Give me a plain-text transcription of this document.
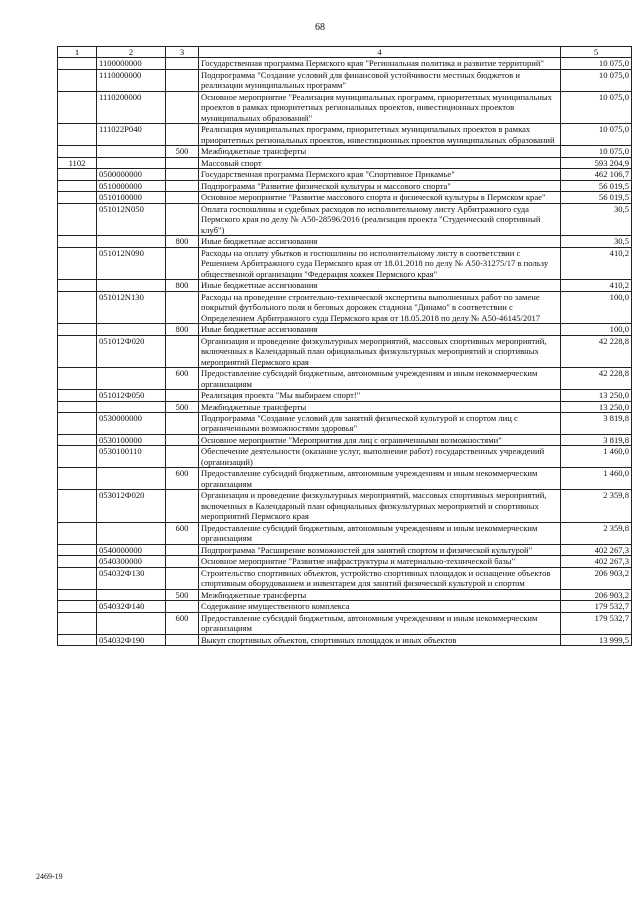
68
1	2	3	4	5
	1100000000		Государственная программа Пермского края "Региональная политика и развитие территорий"	10 075,0
	1110000000		Подпрограмма "Создание условий для финансовой устойчивости местных бюджетов и реализации муниципальных программ"	10 075,0
	1110200000		Основное мероприятие "Реализация муниципальных программ, приоритетных муниципальных проектов в рамках приоритетных региональных проектов, инвестиционных проектов муниципальных образований"	10 075,0
	111022P040		Реализация муниципальных программ, приоритетных муниципальных проектов в рамках приоритетных региональных проектов, инвестиционных проектов муниципальных образований	10 075,0
		500	Межбюджетные трансферты	10 075,0
1102			Массовый спорт	593 204,9
	0500000000		Государственная программа Пермского края "Спортивное Прикамье"	462 106,7
	0510000000		Подпрограмма "Развитие физической культуры и массового спорта"	56 019,5
	0510100000		Основное мероприятие "Развитие массового спорта и физической культуры в Пермском крае"	56 019,5
	051012N050		Оплата госпошлины и судебных расходов по исполнительному листу Арбитражного суда Пермского края по делу № А50-28596/2016 (реализация проекта "Студенческий спортивный клуб")	30,5
		800	Иные бюджетные ассигнования	30,5
	051012N090		Расходы на оплату убытков и госпошлины по исполнительному листу в соответствии с Решением Арбитражного суда Пермского края от 18.01.2018 по делу № А50-31275/17 в пользу общественной организации "Федерация хоккея Пермского края"	410,2
		800	Иные бюджетные ассигнования	410,2
	051012N130		Расходы на проведение строительно-технической экспертизы выполненных работ по замене покрытий футбольного поля и беговых дорожек стадиона "Динамо" в соответствии с Определением Арбитражного суда Пермского края от 18.05.2018 по делу № А50-46145/2017	100,0
		800	Иные бюджетные ассигнования	100,0
	051012Ф020		Организация и проведение физкультурных мероприятий, массовых спортивных мероприятий, включенных в Календарный план официальных физкультурных мероприятий и спортивных мероприятий Пермского края	42 228,8
		600	Предоставление субсидий бюджетным, автономным учреждениям и иным некоммерческим организациям	42 228,8
	051012Ф050		Реализация проекта "Мы выбираем спорт!"	13 250,0
		500	Межбюджетные трансферты	13 250,0
	0530000000		Подпрограмма "Создание условий для занятий физической культурой и спортом лиц с ограниченными возможностями здоровья"	3 819,8
	0530100000		Основное мероприятие "Мероприятия для лиц с ограниченными возможностями"	3 819,8
	0530100110		Обеспечение деятельности (оказание услуг, выполнение работ) государственных учреждений (организаций)	1 460,0
		600	Предоставление субсидий бюджетным, автономным учреждениям и иным некоммерческим организациям	1 460,0
	053012Ф020		Организация и проведение физкультурных мероприятий, массовых спортивных мероприятий, включенных в Календарный план официальных физкультурных мероприятий и спортивных мероприятий Пермского края	2 359,8
		600	Предоставление субсидий бюджетным, автономным учреждениям и иным некоммерческим организациям	2 359,8
	0540000000		Подпрограмма "Расширение возможностей для занятий спортом и физической культурой"	402 267,3
	0540300000		Основное мероприятие "Развитие инфраструктуры и материально-технической базы"	402 267,3
	054032Ф130		Строительство спортивных объектов, устройство спортивных площадок и оснащение объектов спортивным оборудованием и инвентарем для занятий физической культурой и спортом	206 903,2
		500	Межбюджетные трансферты	206 903,2
	054032Ф140		Содержание имущественного комплекса	179 532,7
		600	Предоставление субсидий бюджетным, автономным учреждениям и иным некоммерческим организациям	179 532,7
	054032Ф190		Выкуп спортивных объектов, спортивных площадок и иных объектов	13 999,5
2469-19
